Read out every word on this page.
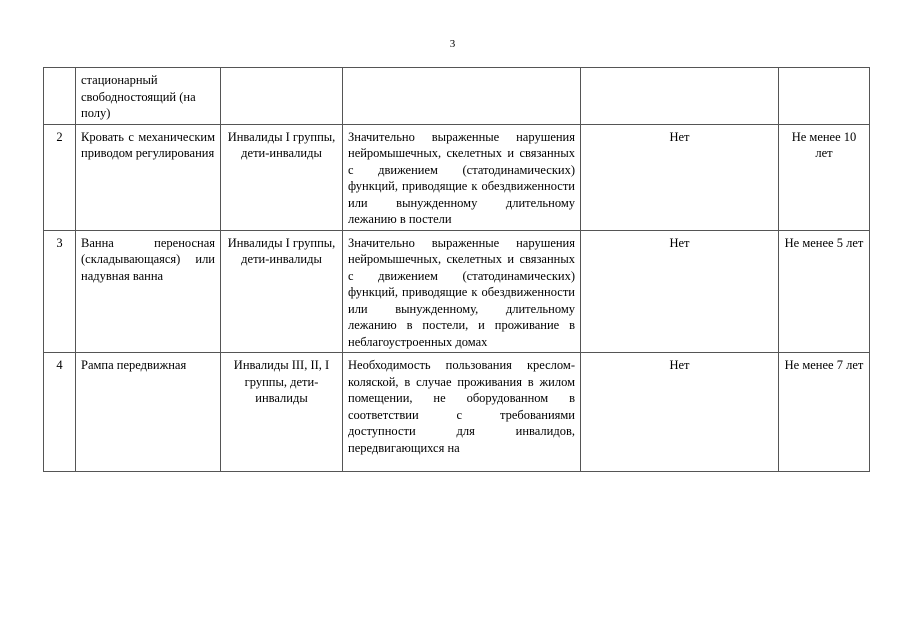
3

	стационарный свободностоящий (на полу)				

2	Кровать с механическим приводом регулирования	Инвалиды I группы, дети-инвалиды	Значительно выраженные нарушения нейромышечных, скелетных и связанных с движением (статодинамических) функций, приводящие к обездвиженности или вынужденному длительному лежанию в постели	Нет	Не менее 10 лет
3	Ванна переносная (складывающаяся) или надувная ванна	Инвалиды I группы, дети-инвалиды	Значительно выраженные нарушения нейромышечных, скелетных и связанных с движением (статодинамических) функций, приводящие к обездвиженности или вынужденному, длительному лежанию в постели, и проживание в неблагоустроенных домах	Нет	Не менее 5 лет
4	Рампа передвижная	Инвалиды III, II, I группы, дети-инвалиды	Необходимость пользования креслом-коляской, в случае проживания в жилом помещении, не оборудованном в соответствии с требованиями доступности для инвалидов, передвигающихся на	Нет	Не менее 7 лет
